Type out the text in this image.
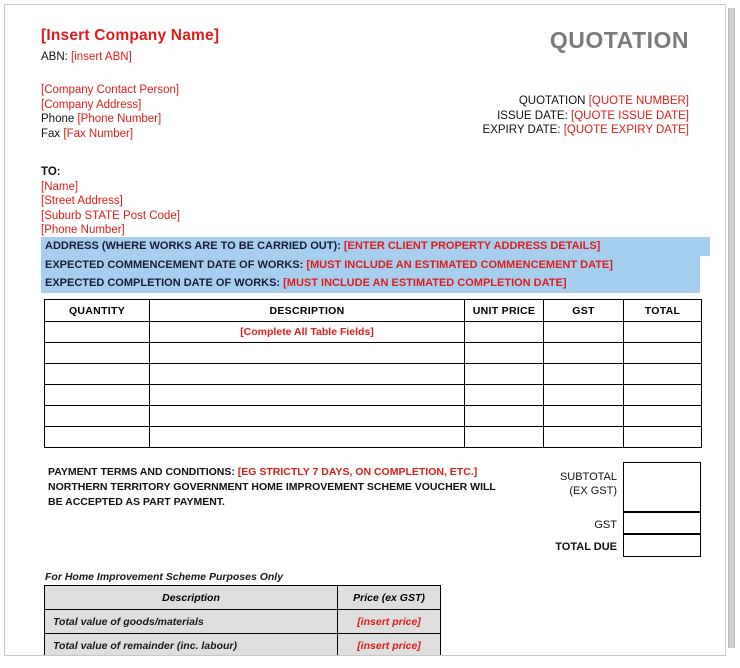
[Insert Company Name]
ABN: [insert ABN]
[Company Contact Person]
[Company Address]
Phone [Phone Number]
Fax [Fax Number]
QUOTATION
QUOTATION [QUOTE NUMBER]
ISSUE DATE: [QUOTE ISSUE DATE]
EXPIRY DATE: [QUOTE EXPIRY DATE]
TO:
[Name]
[Street Address]
[Suburb STATE Post Code]
[Phone Number]
ADDRESS (WHERE WORKS ARE TO BE CARRIED OUT): [ENTER CLIENT PROPERTY ADDRESS DETAILS]
EXPECTED COMMENCEMENT DATE OF WORKS: [MUST INCLUDE AN ESTIMATED COMMENCEMENT DATE]
EXPECTED COMPLETION DATE OF WORKS: [MUST INCLUDE AN ESTIMATED COMPLETION DATE]
QUANTITY	DESCRIPTION	UNIT PRICE	GST	TOTAL
	[Complete All Table Fields]			

PAYMENT TERMS AND CONDITIONS: [EG STRICTLY 7 DAYS, ON COMPLETION, ETC.]
NORTHERN TERRITORY GOVERNMENT HOME IMPROVEMENT SCHEME VOUCHER WILL
BE ACCEPTED AS PART PAYMENT.
SUBTOTAL
(EX GST)
GST
TOTAL DUE
For Home Improvement Scheme Purposes Only
Description	Price (ex GST)
Total value of goods/materials	[insert price]
Total value of remainder (inc. labour)	[insert price]
